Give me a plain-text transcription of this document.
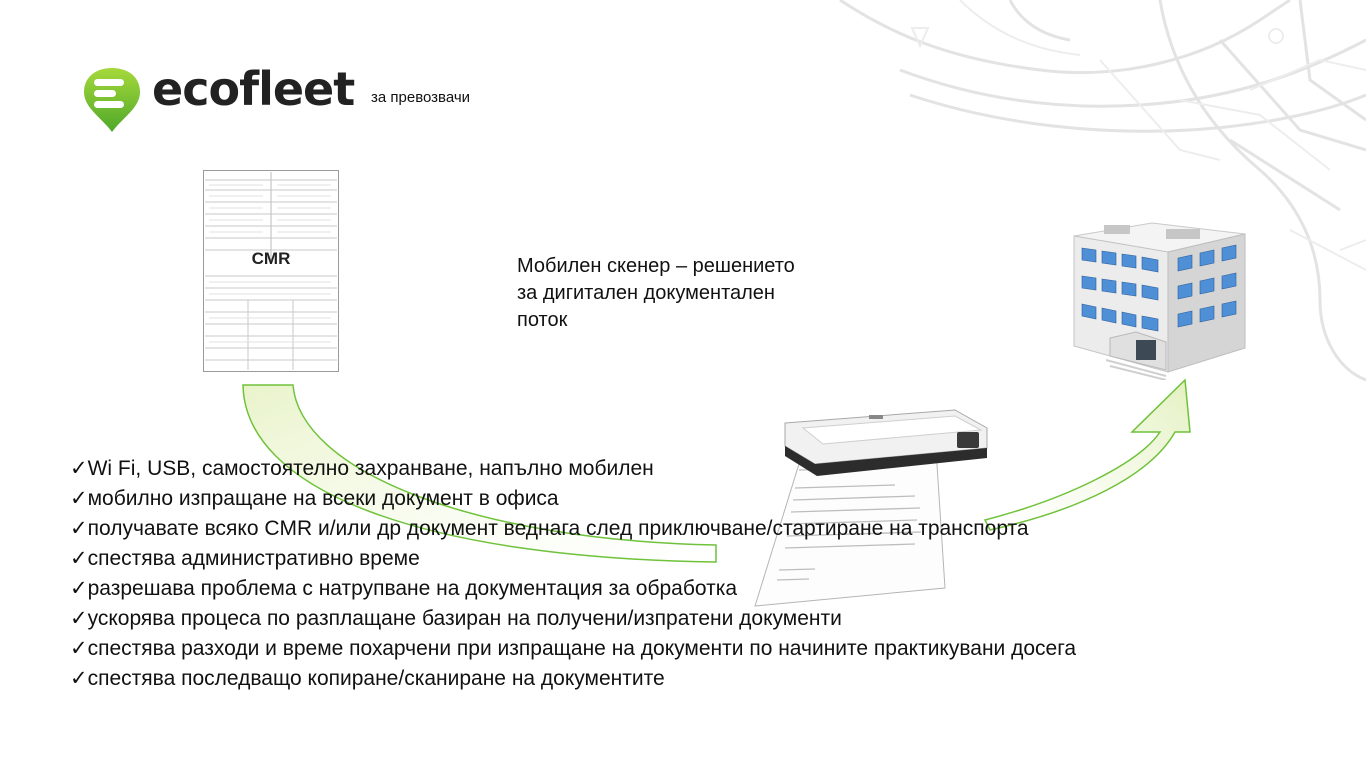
ecofleet за превозвачи
CMR	Мобилен скенер – решението
за дигитален документален
поток
✓Wi Fi, USB, самостоятелно захранване, напълно мобилен
✓мобилно изпращане на всеки документ в офиса
✓получавате всяко CMR и/или др документ веднага след приключване/стартиране на транспорта
✓спестява административно време
✓разрешава проблема с натрупване на документация за обработка
✓ускорява процеса по разплащане базиран на получени/изпратени документи
✓спестява разходи и време похарчени при изпращане на документи по начините практикувани досега
✓спестява последващо копиране/сканиране на документите
